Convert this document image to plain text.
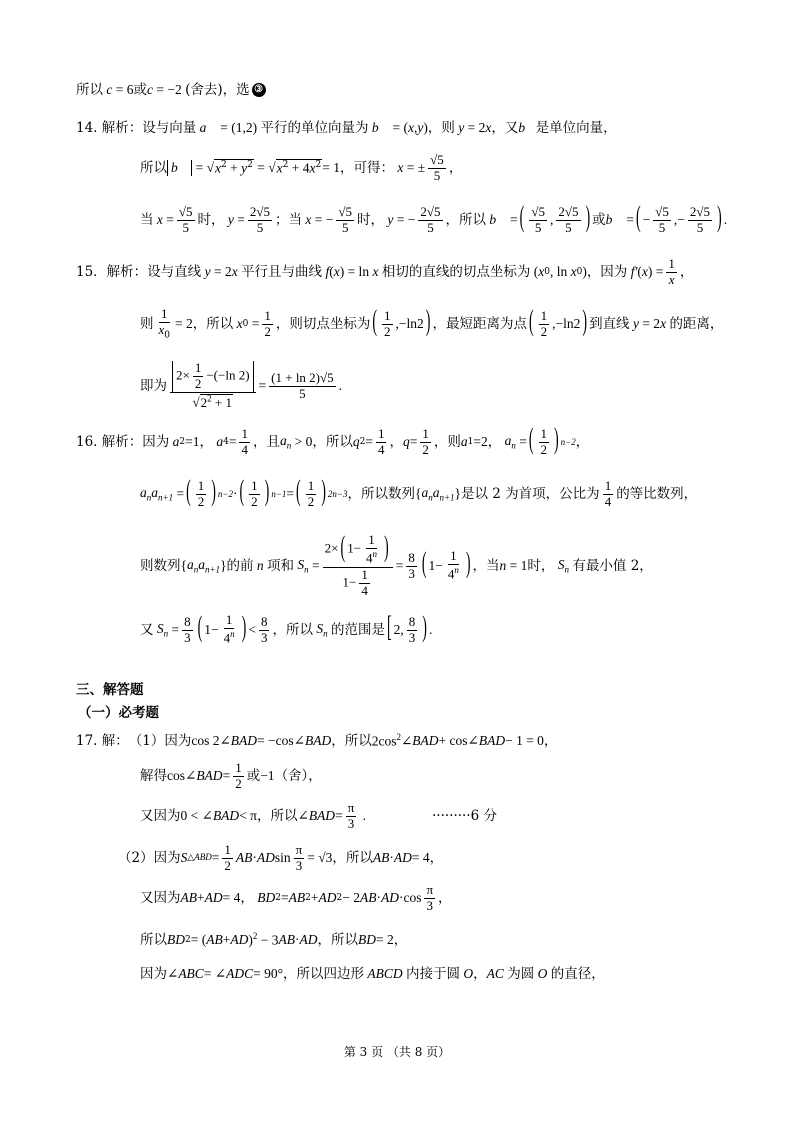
所以 c = 6 或 c = −2 (舍去)， 选 ③
14. 解析： 设与向量 a⃗ = (1,2) 平行的单位向量为 b⃗ = ( x , y ) ，则 y = 2 x ，又 b⃗ 是单位向量，
所以 b⃗ = √ $x^2 + y^2$ = √ $x^2 + 4x^2 = 1$ ，可得： x = ± $\frac{√5}{5}$ ，
当 $x = \frac{√5}{5}$ 时， $y = \frac{2√5}{5}$ ；当 x = − $\frac{√5}{5}$ 时， y = − $\frac{2√5}{5}$ ，所以 b⃗ = ( $\frac{√5}{5}$ , $\frac{2√5}{5}$ ) 或 b⃗ = ( − $\frac{√5}{5}$ ,− $\frac{2√5}{5}$ ) .
15．解析： 设与直线 y = 2 x 平行且与曲线 f ( x ) = ln x 相切的直线的切点坐标为 ( x 0 , ln x 0 ) ，因为 f′ ( x ) = $\frac{1}{x}$ ，
则 $\frac{1}{x_0} = 2$ ，所以 x $0 = \frac{1}{2}$ ，则切点坐标为 ( $\frac{1}{2} ,-\ln 2$ ) ，最短距离为点 ( $\frac{1}{2} ,-\ln 2$ ) 到直线 y = 2 x 的距离，
即为 $\frac{2\times \frac{1}{2} -(-\ln 2)}{√2^2 + 1} = \frac{(1 + \ln 2)√5}{5}$ .
16. 解析： 因为 a 2 =1， a $4 = \frac{1}{4}$ ，且 $a_n > 0$ ，所以 q $2 = \frac{1}{4}$ ， $q = \frac{1}{2}$ ，则 a 1 =2， $a_n$ = ( $\frac{1}{2}$ ) n−2 ，
$a_na_{n+1}$ = ( $\frac{1}{2}$ ) n−2 · ( $\frac{1}{2}$ ) n−1 = ( $\frac{1}{2}$ ) 2n−3 ，所以数列 { $a_na_{n+1}$ } 是以 2 为首项，公比为 $\frac{1}{4}$ 的等比数列，
则数列 { $a_na_{n+1}$ } 的前 n 项和 $S_n = \frac{2\times ( 1- \frac{1}{4^n} )}{1- \frac{1}{4}} = \frac{8}{3}$ ( $1- \frac{1}{4^n}$ ) ，当 n = 1 时， $S_n$ 有最小值 2，
又 $S_n = \frac{8}{3}$ ( $1- \frac{1}{4^n}$ ) < $\frac{8}{3}$ ，所以 $S_n$ 的范围是 [ 2, $\frac{8}{3}$ ) .
三、解答题
（一）必考题
17. 解： （1）因为 cos 2∠ BAD = −cos∠ BAD ，所以 $2\cos^2\angle$ BAD + cos∠ BAD − 1 = 0，
解得 cos∠ BAD = $\frac{1}{2}$ 或 −1 （舍），
又因为 0 < ∠ BAD < π ，所以 ∠ BAD = $\frac{\pi}{3}$ .	·········6 分
（2）因为 S △ABD = $\frac{1}{2}$ AB · AD $\sin \frac{\pi}{3} = √3$ ，所以 AB · AD = 4，
又因为 AB + AD = 4， BD 2 = AB 2 + AD 2 − 2 AB · AD $\cdot\cos \frac{\pi}{3}$ ，
所以 BD 2 = ( AB + AD )$^2$ − 3 AB · AD ，所以 BD = 2，
因为 ∠ ABC = ∠ ADC = 90° ，所以四边形 ABCD 内接于圆 O ， AC 为圆 O 的直径，
第 3 页 （共 8 页）
